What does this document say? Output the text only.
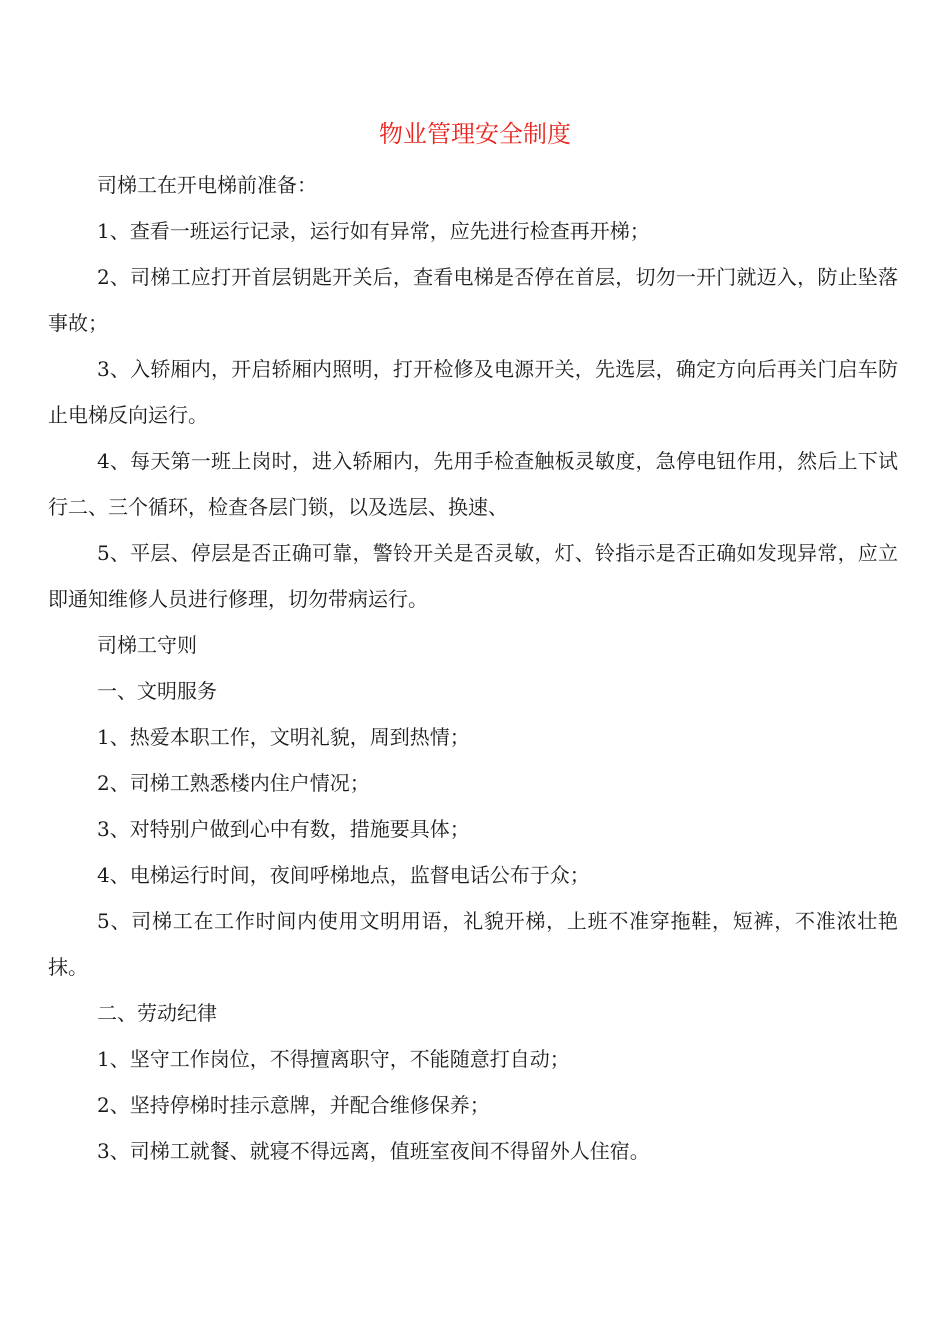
物业管理安全制度

司梯工在开电梯前准备：

1、查看一班运行记录，运行如有异常，应先进行检查再开梯；

2、司梯工应打开首层钥匙开关后，查看电梯是否停在首层，切勿一开门就迈入，防止坠落事故；

3、入轿厢内，开启轿厢内照明，打开检修及电源开关，先选层，确定方向后再关门启车防止电梯反向运行。

4、每天第一班上岗时，进入轿厢内，先用手检查触板灵敏度，急停电钮作用，然后上下试行二、三个循环，检查各层门锁，以及选层、换速、

5、平层、停层是否正确可靠，警铃开关是否灵敏，灯、铃指示是否正确如发现异常，应立即通知维修人员进行修理，切勿带病运行。

司梯工守则

一、文明服务

1、热爱本职工作，文明礼貌，周到热情；

2、司梯工熟悉楼内住户情况；

3、对特别户做到心中有数，措施要具体；

4、电梯运行时间，夜间呼梯地点，监督电话公布于众；

5、司梯工在工作时间内使用文明用语，礼貌开梯，上班不准穿拖鞋，短裤，不准浓壮艳抹。

二、劳动纪律

1、坚守工作岗位，不得擅离职守，不能随意打自动；

2、坚持停梯时挂示意牌，并配合维修保养；

3、司梯工就餐、就寝不得远离，值班室夜间不得留外人住宿。
